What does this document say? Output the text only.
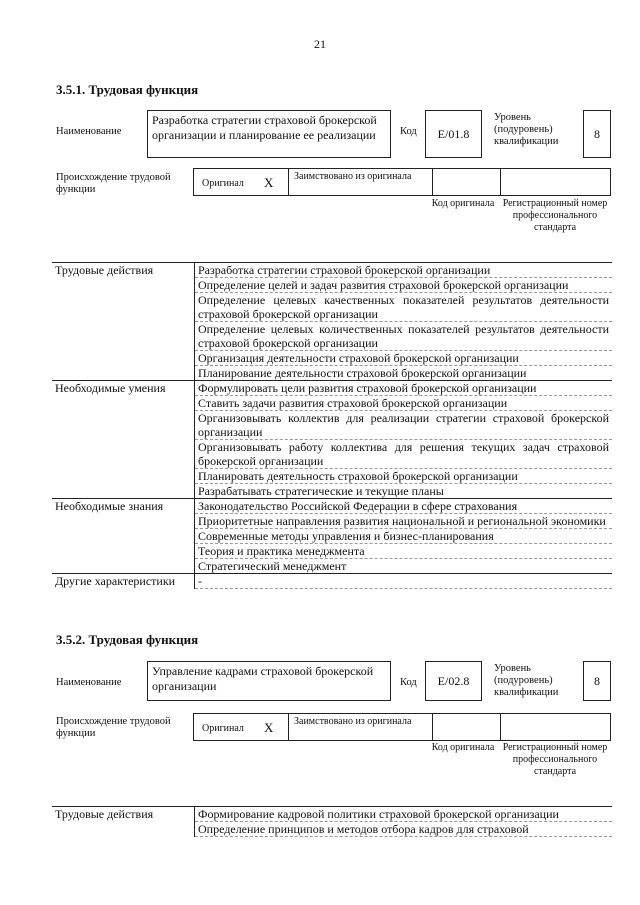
21
3.5.1. Трудовая функция
Наименование
Разработка стратегии страховой брокерской организации и планирование ее реализации	Код	E/01.8
Уровень (подуровень) квалификации
8
Происхождение трудовой функции
Оригинал X Заимствовано из оригинала
Код оригинала Регистрационный номер профессионального стандарта
Трудовые действия	Разработка стратегии страховой брокерской организации
	Определение целей и задач развития страховой брокерской организации
	Определение целевых качественных показателей результатов деятельности страховой брокерской организации
	Определение целевых количественных показателей результатов деятельности страховой брокерской организации
	Организация деятельности страховой брокерской организации
	Планирование деятельности страховой брокерской организации
Необходимые умения	Формулировать цели развития страховой брокерской организации
	Ставить задачи развития страховой брокерской организации
	Организовывать коллектив для реализации стратегии страховой брокерской организации
	Организовывать работу коллектива для решения текущих задач страховой брокерской организации
	Планировать деятельность страховой брокерской организации
	Разрабатывать стратегические и текущие планы
Необходимые знания	Законодательство Российской Федерации в сфере страхования
	Приоритетные направления развития национальной и региональной экономики
	Современные методы управления и бизнес-планирования
	Теория и практика менеджмента
	Стратегический менеджмент
Другие характеристики	-
3.5.2. Трудовая функция
Наименование
Управление кадрами страховой брокерской организации	Код	E/02.8
Уровень (подуровень) квалификации
8
Происхождение трудовой функции	Оригинал X Заимствовано из оригинала
Код оригинала Регистрационный номер профессионального стандарта
Трудовые действия	Формирование кадровой политики страховой брокерской организации
Определение принципов и методов отбора кадров для страховой
